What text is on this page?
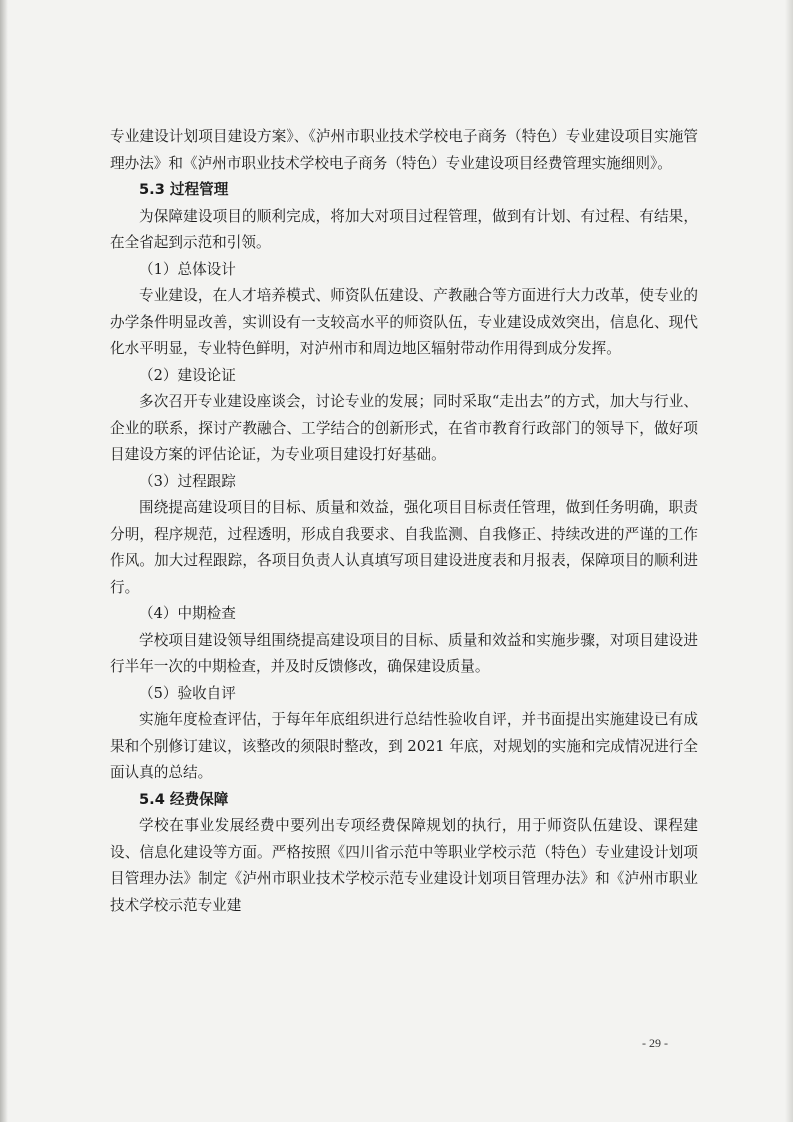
专业建设计划项目建设方案》、《泸州市职业技术学校电子商务（特色）专业建设项目实施管理办法》和《泸州市职业技术学校电子商务（特色）专业建设项目经费管理实施细则》。

5.3 过程管理

为保障建设项目的顺利完成，将加大对项目过程管理，做到有计划、有过程、有结果，在全省起到示范和引领。

（1）总体设计

专业建设，在人才培养模式、师资队伍建设、产教融合等方面进行大力改革，使专业的办学条件明显改善，实训设有一支较高水平的师资队伍，专业建设成效突出，信息化、现代化水平明显，专业特色鲜明，对泸州市和周边地区辐射带动作用得到成分发挥。

（2）建设论证

多次召开专业建设座谈会，讨论专业的发展；同时采取“走出去”的方式，加大与行业、企业的联系，探讨产教融合、工学结合的创新形式，在省市教育行政部门的领导下，做好项目建设方案的评估论证，为专业项目建设打好基础。

（3）过程跟踪

围绕提高建设项目的目标、质量和效益，强化项目目标责任管理，做到任务明确，职责分明，程序规范，过程透明，形成自我要求、自我监测、自我修正、持续改进的严谨的工作作风。加大过程跟踪，各项目负责人认真填写项目建设进度表和月报表，保障项目的顺利进行。

（4）中期检查

学校项目建设领导组围绕提高建设项目的目标、质量和效益和实施步骤，对项目建设进行半年一次的中期检查，并及时反馈修改，确保建设质量。

（5）验收自评

实施年度检查评估，于每年年底组织进行总结性验收自评，并书面提出实施建设已有成果和个别修订建议，该整改的须限时整改，到 2021 年底，对规划的实施和完成情况进行全面认真的总结。

5.4 经费保障

学校在事业发展经费中要列出专项经费保障规划的执行，用于师资队伍建设、课程建设、信息化建设等方面。严格按照《四川省示范中等职业学校示范（特色）专业建设计划项目管理办法》制定《泸州市职业技术学校示范专业建设计划项目管理办法》和《泸州市职业技术学校示范专业建

- 29 -
